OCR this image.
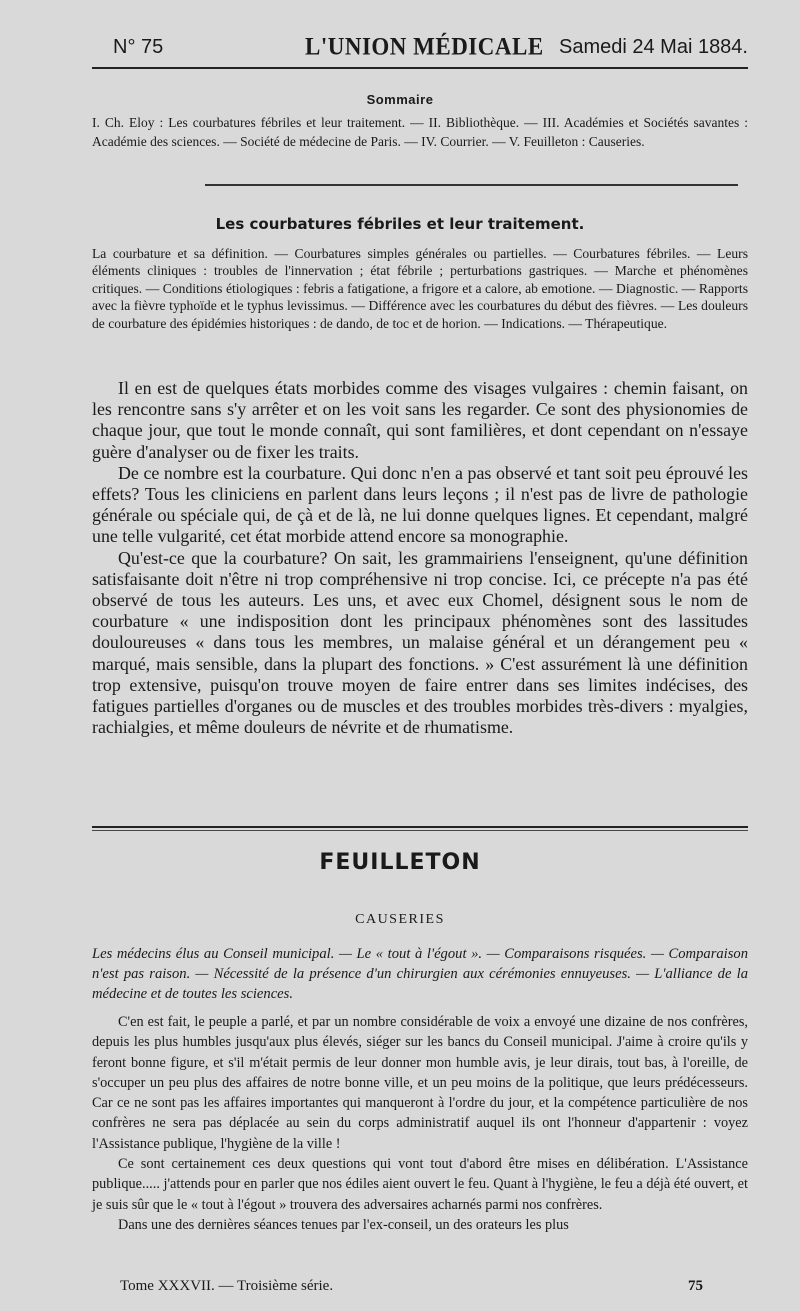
N° 75	L'UNION MÉDICALE Samedi 24 Mai 1884.
Sommaire
I. Ch. Eloy : Les courbatures fébriles et leur traitement. — II. Bibliothèque. — III. Académies et Sociétés savantes : Académie des sciences. — Société de médecine de Paris. — IV. Courrier. — V. Feuilleton : Causeries.
Les courbatures fébriles et leur traitement.
La courbature et sa définition. — Courbatures simples générales ou partielles. — Courbatures fébriles. — Leurs éléments cliniques : troubles de l'innervation ; état fébrile ; perturbations gastriques. — Marche et phénomènes critiques. — Conditions étiologiques : febris a fatigatione, a frigore et a calore, ab emotione. — Diagnostic. — Rapports avec la fièvre typhoïde et le typhus levissimus. — Différence avec les courbatures du début des fièvres. — Les douleurs de courbature des épidémies historiques : de dando, de toc et de horion. — Indications. — Thérapeutique.

Il en est de quelques états morbides comme des visages vulgaires : chemin faisant, on les rencontre sans s'y arrêter et on les voit sans les regarder. Ce sont des physionomies de chaque jour, que tout le monde connaît, qui sont familières, et dont cependant on n'essaye guère d'analyser ou de fixer les traits.

De ce nombre est la courbature. Qui donc n'en a pas observé et tant soit peu éprouvé les effets? Tous les cliniciens en parlent dans leurs leçons ; il n'est pas de livre de pathologie générale ou spéciale qui, de çà et de là, ne lui donne quelques lignes. Et cependant, malgré une telle vulgarité, cet état morbide attend encore sa monographie.

Qu'est-ce que la courbature? On sait, les grammairiens l'enseignent, qu'une définition satisfaisante doit n'être ni trop compréhensive ni trop concise. Ici, ce précepte n'a pas été observé de tous les auteurs. Les uns, et avec eux Chomel, désignent sous le nom de courbature « une indisposition dont les principaux phénomènes sont des lassitudes douloureuses « dans tous les membres, un malaise général et un dérangement peu « marqué, mais sensible, dans la plupart des fonctions. » C'est assurément là une définition trop extensive, puisqu'on trouve moyen de faire entrer dans ses limites indécises, des fatigues partielles d'organes ou de muscles et des troubles morbides très-divers : myalgies, rachialgies, et même douleurs de névrite et de rhumatisme.

FEUILLETON
CAUSERIES
Les médecins élus au Conseil municipal. — Le « tout à l'égout ». — Comparaisons risquées. — Comparaison n'est pas raison. — Nécessité de la présence d'un chirurgien aux cérémonies ennuyeuses. — L'alliance de la médecine et de toutes les sciences.

C'en est fait, le peuple a parlé, et par un nombre considérable de voix a envoyé une dizaine de nos confrères, depuis les plus humbles jusqu'aux plus élevés, siéger sur les bancs du Conseil municipal. J'aime à croire qu'ils y feront bonne figure, et s'il m'était permis de leur donner mon humble avis, je leur dirais, tout bas, à l'oreille, de s'occuper un peu plus des affaires de notre bonne ville, et un peu moins de la politique, que leurs prédécesseurs. Car ce ne sont pas les affaires importantes qui manqueront à l'ordre du jour, et la compétence particulière de nos confrères ne sera pas déplacée au sein du corps administratif auquel ils ont l'honneur d'appartenir : voyez l'Assistance publique, l'hygiène de la ville !

Ce sont certainement ces deux questions qui vont tout d'abord être mises en délibération. L'Assistance publique..... j'attends pour en parler que nos édiles aient ouvert le feu. Quant à l'hygiène, le feu a déjà été ouvert, et je suis sûr que le « tout à l'égout » trouvera des adversaires acharnés parmi nos confrères.

Dans une des dernières séances tenues par l'ex-conseil, un des orateurs les plus

Tome XXXVII. — Troisième série.	75
